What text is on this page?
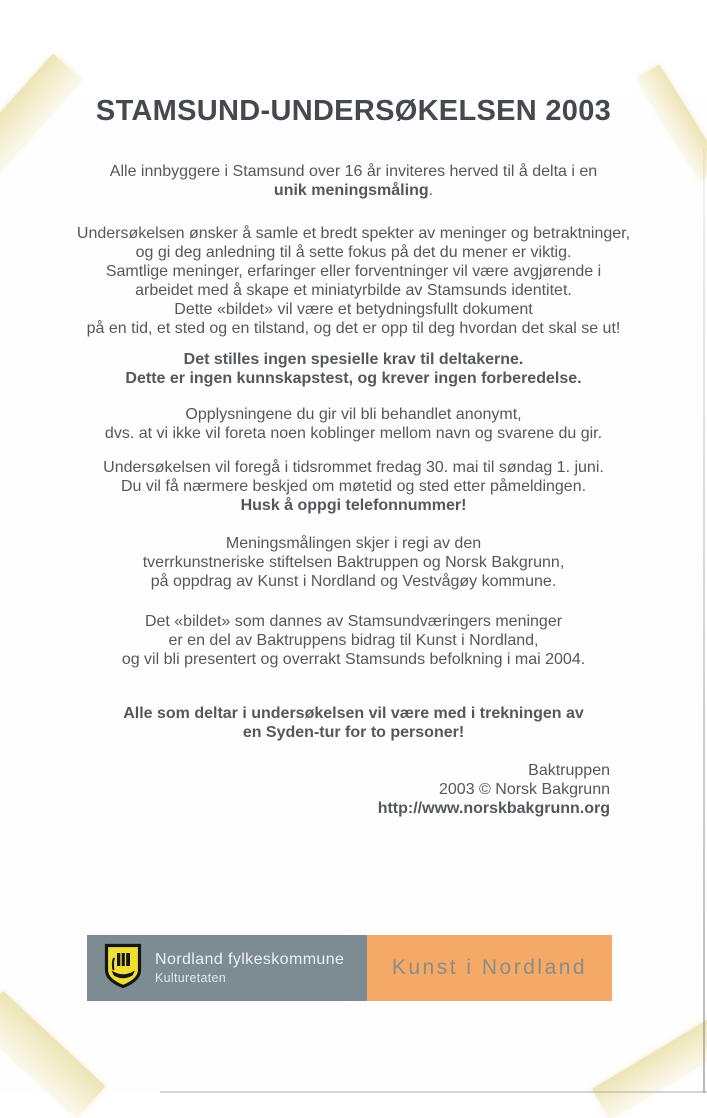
STAMSUND-UNDERSØKELSEN 2003

Alle innbyggere i Stamsund over 16 år inviteres herved til å delta i en
unik meningsmåling.

Undersøkelsen ønsker å samle et bredt spekter av meninger og betraktninger,
og gi deg anledning til å sette fokus på det du mener er viktig.
Samtlige meninger, erfaringer eller forventninger vil være avgjørende i
arbeidet med å skape et miniatyrbilde av Stamsunds identitet.
Dette «bildet» vil være et betydningsfullt dokument
på en tid, et sted og en tilstand, og det er opp til deg hvordan det skal se ut!

Det stilles ingen spesielle krav til deltakerne.
Dette er ingen kunnskapstest, og krever ingen forberedelse.

Opplysningene du gir vil bli behandlet anonymt,
dvs. at vi ikke vil foreta noen koblinger mellom navn og svarene du gir.

Undersøkelsen vil foregå i tidsrommet fredag 30. mai til søndag 1. juni.
Du vil få nærmere beskjed om møtetid og sted etter påmeldingen.
Husk å oppgi telefonnummer!

Meningsmålingen skjer i regi av den
tverrkunstneriske stiftelsen Baktruppen og Norsk Bakgrunn,
på oppdrag av Kunst i Nordland og Vestvågøy kommune.

Det «bildet» som dannes av Stamsundværingers meninger
er en del av Baktruppens bidrag til Kunst i Nordland,
og vil bli presentert og overrakt Stamsunds befolkning i mai 2004.

Alle som deltar i undersøkelsen vil være med i trekningen av
en Syden-tur for to personer!

Baktruppen
2003 © Norsk Bakgrunn
http://www.norskbakgrunn.org

Nordland fylkeskommune Kulturetaten	Kunst i Nordland
